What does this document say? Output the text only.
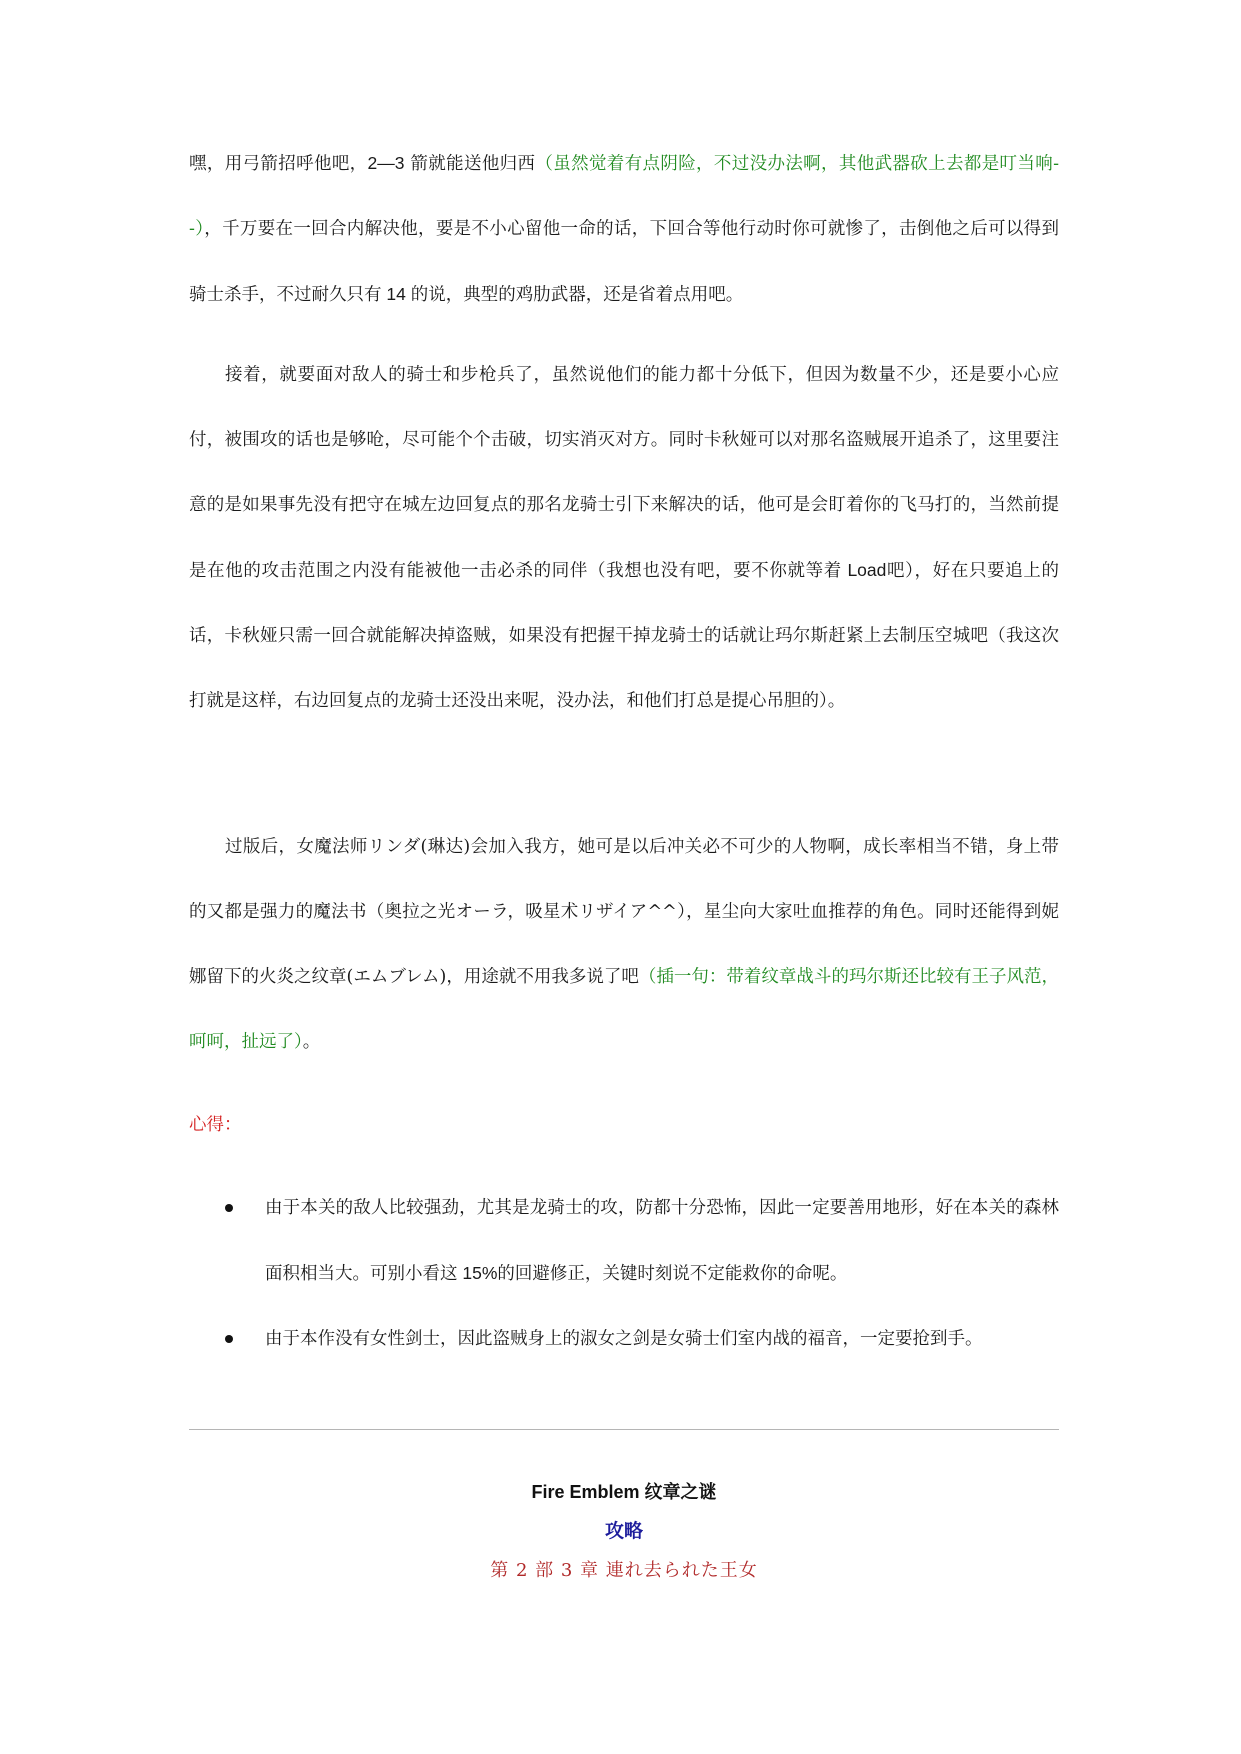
嘿，用弓箭招呼他吧，2—3 箭就能送他归西（虽然觉着有点阴险，不过没办法啊，其他武器砍上去都是叮当响- -），千万要在一回合内解决他，要是不小心留他一命的话，下回合等他行动时你可就惨了，击倒他之后可以得到骑士杀手，不过耐久只有 14 的说，典型的鸡肋武器，还是省着点用吧。

接着，就要面对敌人的骑士和步枪兵了，虽然说他们的能力都十分低下，但因为数量不少，还是要小心应付，被围攻的话也是够呛，尽可能个个击破，切实消灭对方。同时卡秋娅可以对那名盗贼展开追杀了，这里要注意的是如果事先没有把守在城左边回复点的那名龙骑士引下来解决的话，他可是会盯着你的飞马打的，当然前提是在他的攻击范围之内没有能被他一击必杀的同伴（我想也没有吧，要不你就等着 Load吧），好在只要追上的话，卡秋娅只需一回合就能解决掉盗贼，如果没有把握干掉龙骑士的话就让玛尔斯赶紧上去制压空城吧（我这次打就是这样，右边回复点的龙骑士还没出来呢，没办法，和他们打总是提心吊胆的）。

过版后，女魔法师リンダ(琳达)会加入我方，她可是以后冲关必不可少的人物啊，成长率相当不错，身上带的又都是强力的魔法书（奥拉之光オーラ，吸星术リザイア^^），星尘向大家吐血推荐的角色。同时还能得到妮娜留下的火炎之纹章(エムブレム)，用途就不用我多说了吧（插一句：带着纹章战斗的玛尔斯还比较有王子风范，呵呵，扯远了）。

心得：

由于本关的敌人比较强劲，尤其是龙骑士的攻，防都十分恐怖，因此一定要善用地形，好在本关的森林面积相当大。可别小看这 15%的回避修正，关键时刻说不定能救你的命呢。
由于本作没有女性剑士，因此盗贼身上的淑女之剑是女骑士们室内战的福音，一定要抢到手。

Fire Emblem 纹章之谜

攻略

第 2 部 3 章 連れ去られた王女
